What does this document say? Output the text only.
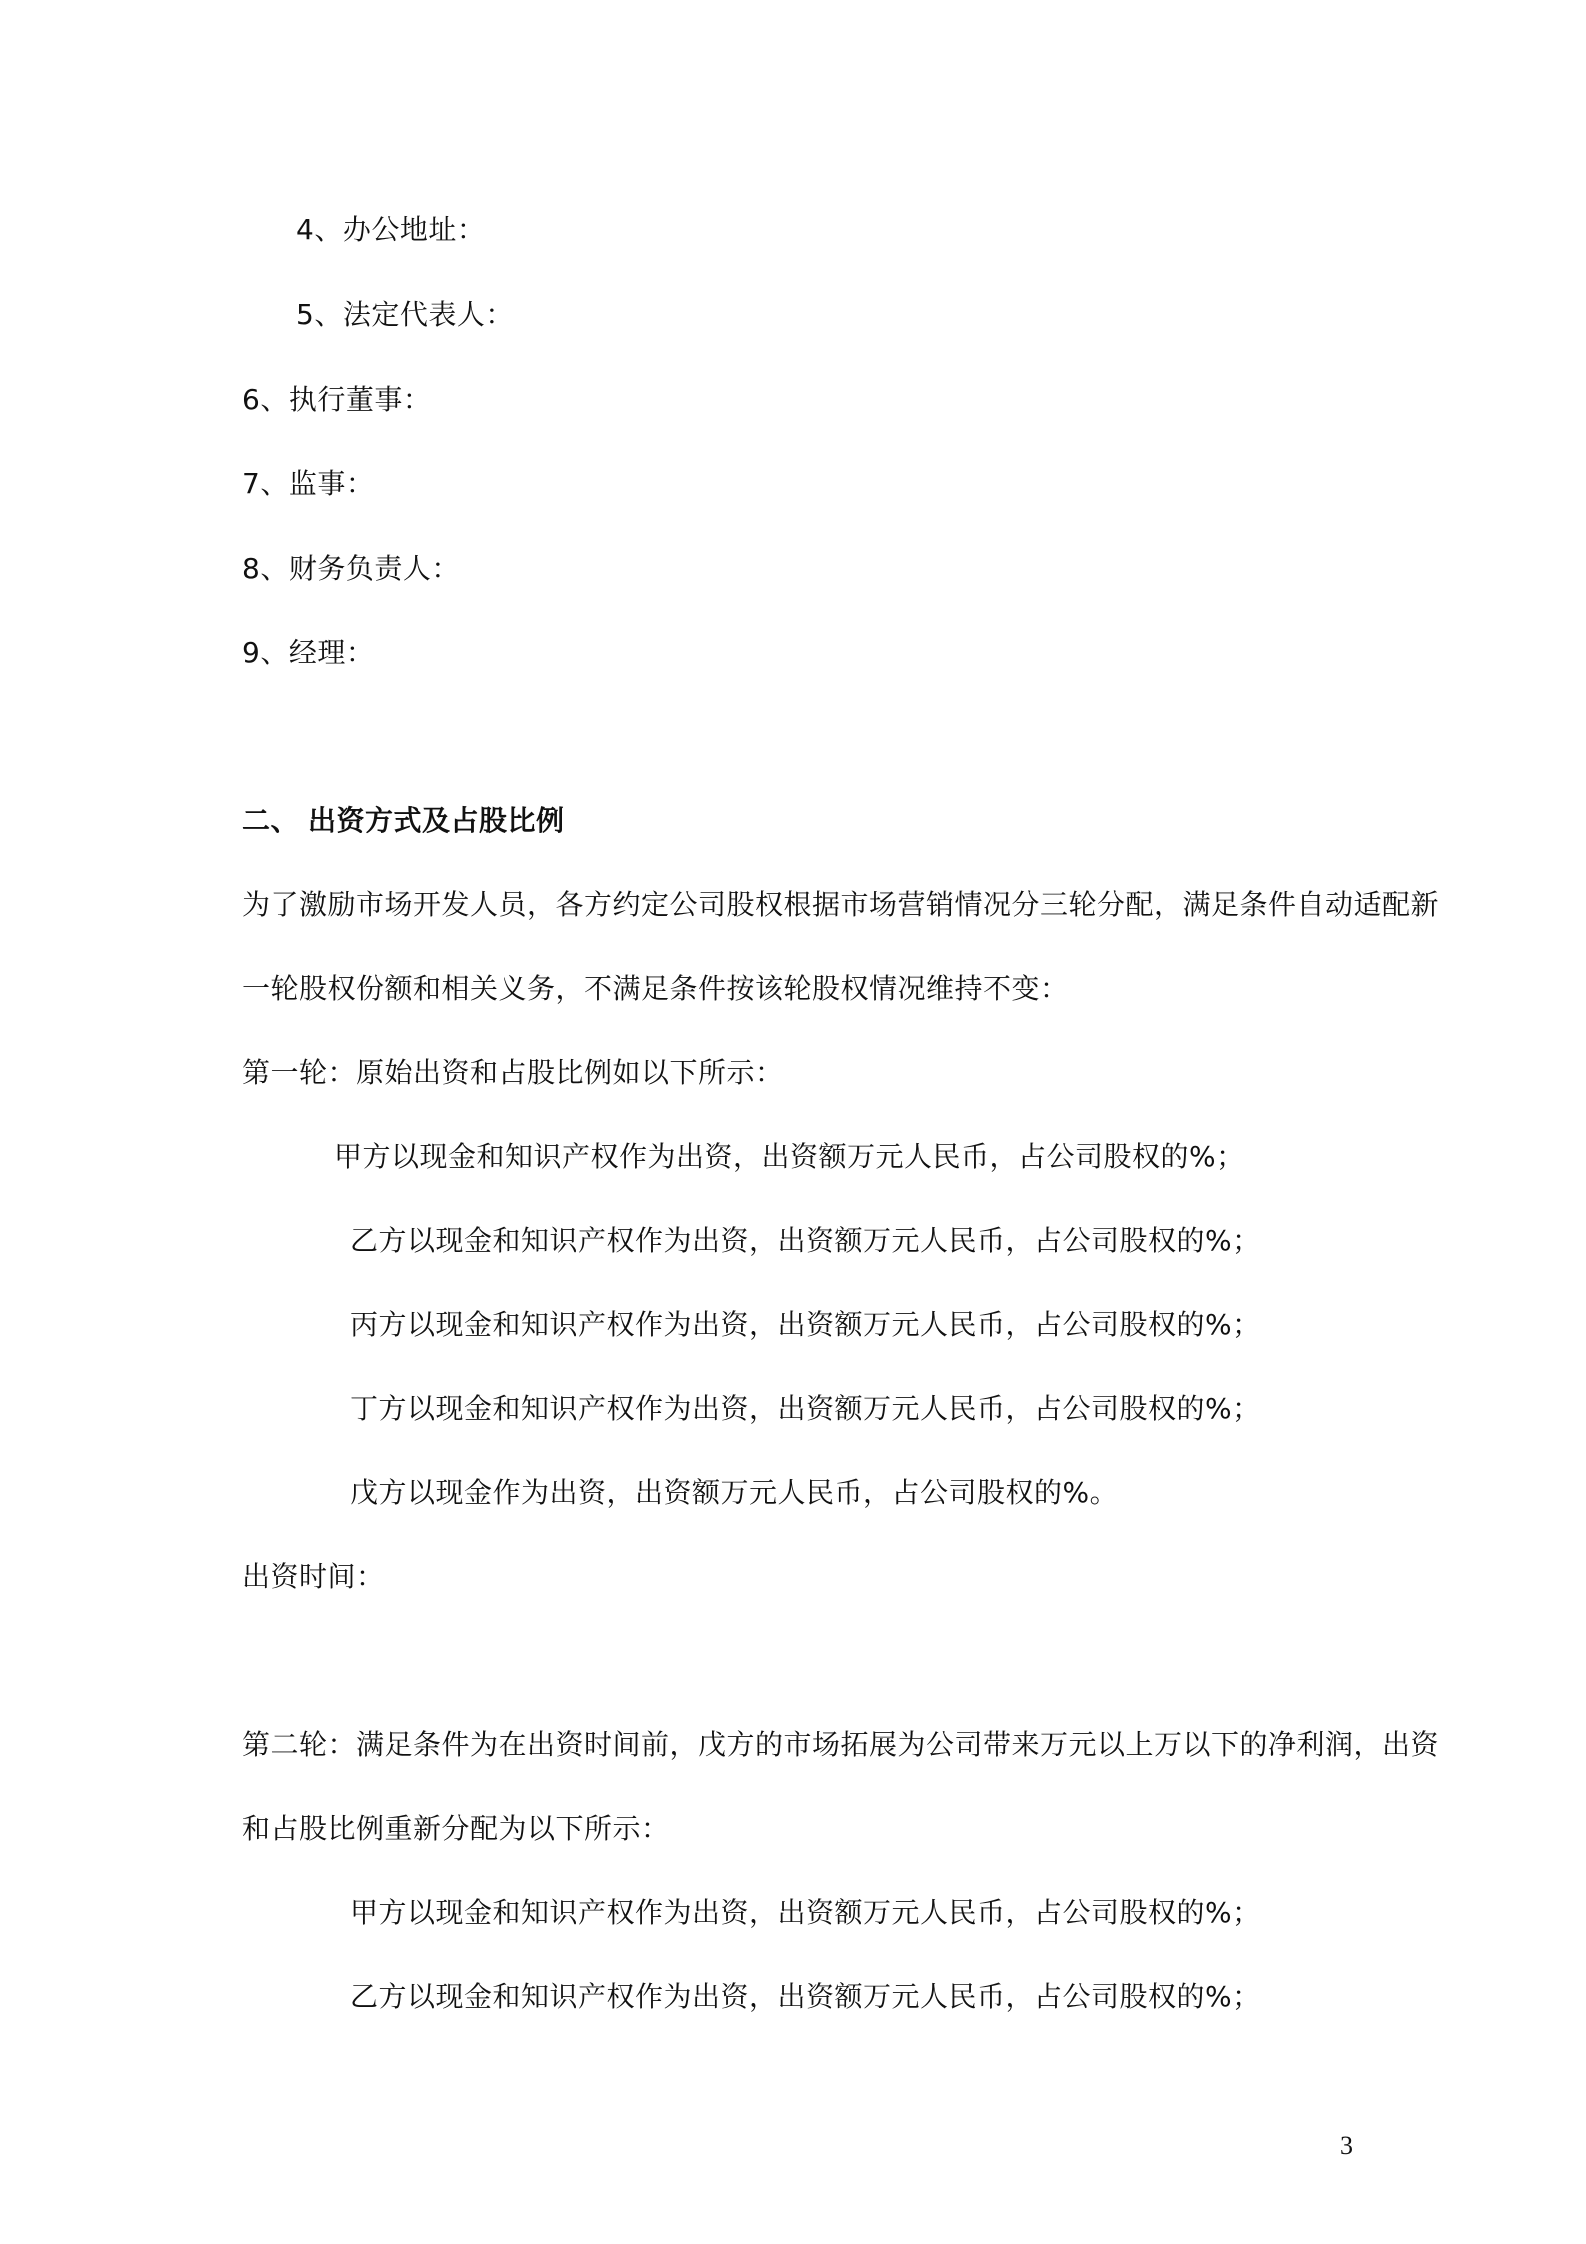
4、办公地址：
5、法定代表人：
6、执行董事：
7、监事：
8、财务负责人：
9、经理：
二、 出资方式及占股比例
为了激励市场开发人员，各方约定公司股权根据市场营销情况分三轮分配，满足条件自动适配新
一轮股权份额和相关义务，不满足条件按该轮股权情况维持不变：
第一轮：原始出资和占股比例如以下所示：
甲方以现金和知识产权作为出资，出资额万元人民币，占公司股权的%；
乙方以现金和知识产权作为出资，出资额万元人民币，占公司股权的%；
丙方以现金和知识产权作为出资，出资额万元人民币，占公司股权的%；
丁方以现金和知识产权作为出资，出资额万元人民币，占公司股权的%；
戊方以现金作为出资，出资额万元人民币，占公司股权的%。
出资时间：
第二轮：满足条件为在出资时间前，戊方的市场拓展为公司带来万元以上万以下的净利润，出资
和占股比例重新分配为以下所示：
甲方以现金和知识产权作为出资，出资额万元人民币，占公司股权的%；
乙方以现金和知识产权作为出资，出资额万元人民币，占公司股权的%；
3
